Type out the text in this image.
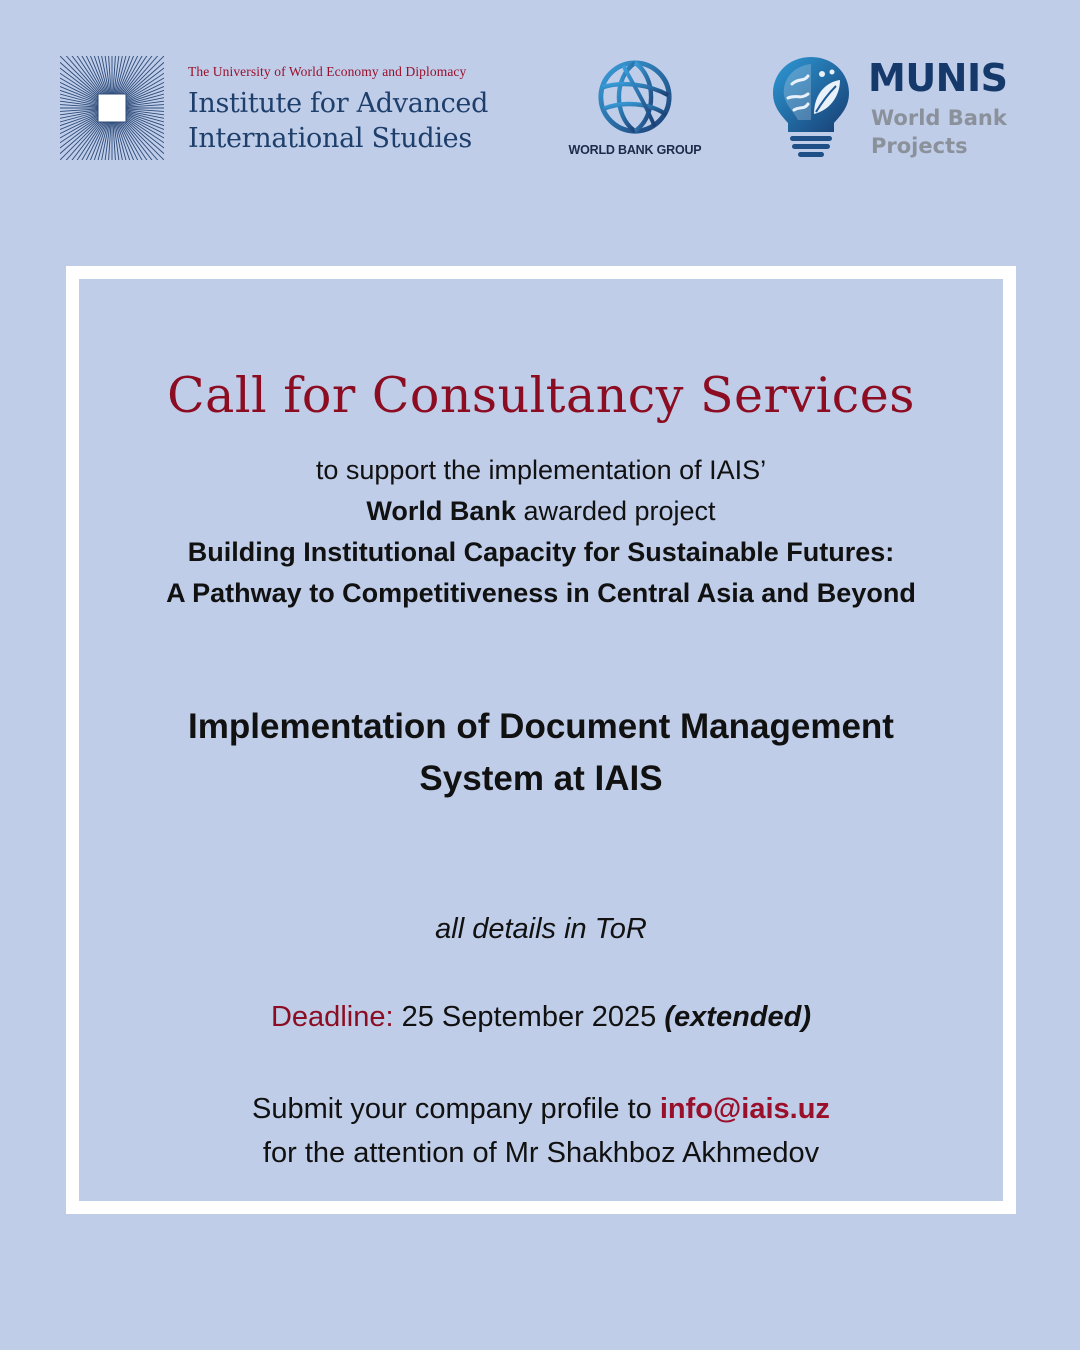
The University of World Economy and Diplomacy
Institute for Advanced
International Studies	WORLD BANK GROUP
MUNIS
World Bank
Projects
Call for Consultancy Services
to support the implementation of IAIS’
World Bank awarded project
Building Institutional Capacity for Sustainable Futures:
A Pathway to Competitiveness in Central Asia and Beyond
Implementation of Document Management
System at IAIS
all details in ToR
Deadline: 25 September 2025 (extended)
Submit your company profile to info@iais.uz
for the attention of Mr Shakhboz Akhmedov
